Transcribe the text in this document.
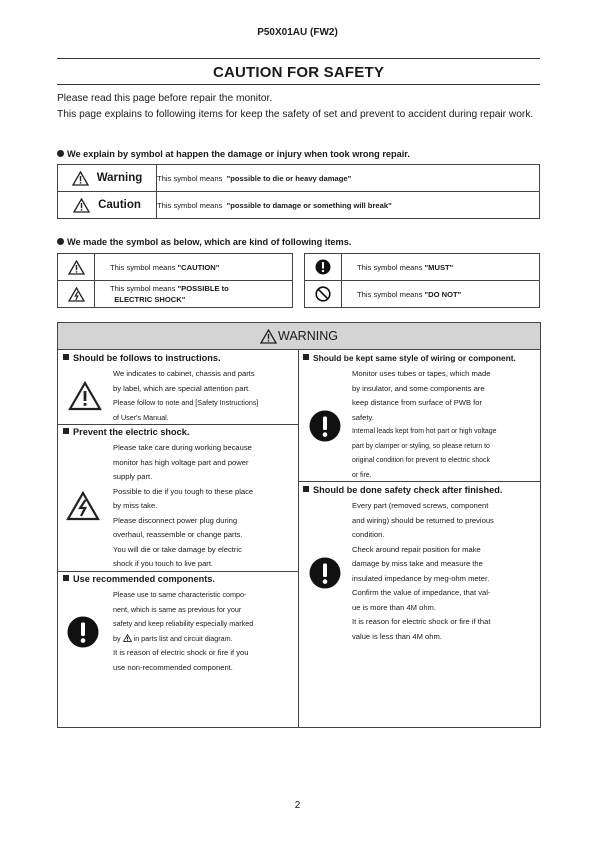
P50X01AU (FW2)
CAUTION FOR SAFETY
Please read this page before repair the monitor.
This page explains to following items for keep the safety of set and prevent to accident during repair work.
We explain by symbol at happen the damage or injury when took wrong repair.
Warning	This symbol means "possible to die or heavy damage"

Caution	This symbol means "possible to damage or something will break"
We made the symbol as below, which are kind of following items.
	This symbol means "CAUTION"

	This symbol means "POSSIBLE to
ELECTRIC SHOCK"
	This symbol means "MUST"

	This symbol means "DO NOT"
WARNING
Should be follows to instructions.

We indicates to cabinet, chassis and parts

by label, which are special attention part.

Please follow to note and [Safety Instructions]

of User's Manual.

Prevent the electric shock.

Please take care during working because

monitor has high voltage part and power

supply part.

Possible to die if you tough to these place

by miss take.

Please disconnect power plug during

overhaul, reassemble or change parts.

You will die or take damage by electric

shock if you touch to live part.

Use recommended components.

Please use to same characteristic compo-

nent, which is same as previous for your

safety and keep reliability especially marked

by in parts list and circuit diagram.

It is reason of electric shock or fire if you

use non-recommended component.

Should be kept same style of wiring or component.

Monitor uses tubes or tapes, which made

by insulator, and some components are

keep distance from surface of PWB for

safety.

Internal leads kept from hot part or high voltage

part by clamper or styling, so please return to

original condition for prevent to electric shock

or fire.

Should be done safety check after finished.

Every part (removed screws, component

and wiring) should be returned to previous

condition.

Check around repair position for make

damage by miss take and measure the

insulated impedance by meg-ohm meter.

Confirm the value of impedance, that val-

ue is more than 4M ohm.

It is reason for electric shock or fire if that

value is less than 4M ohm.

2
